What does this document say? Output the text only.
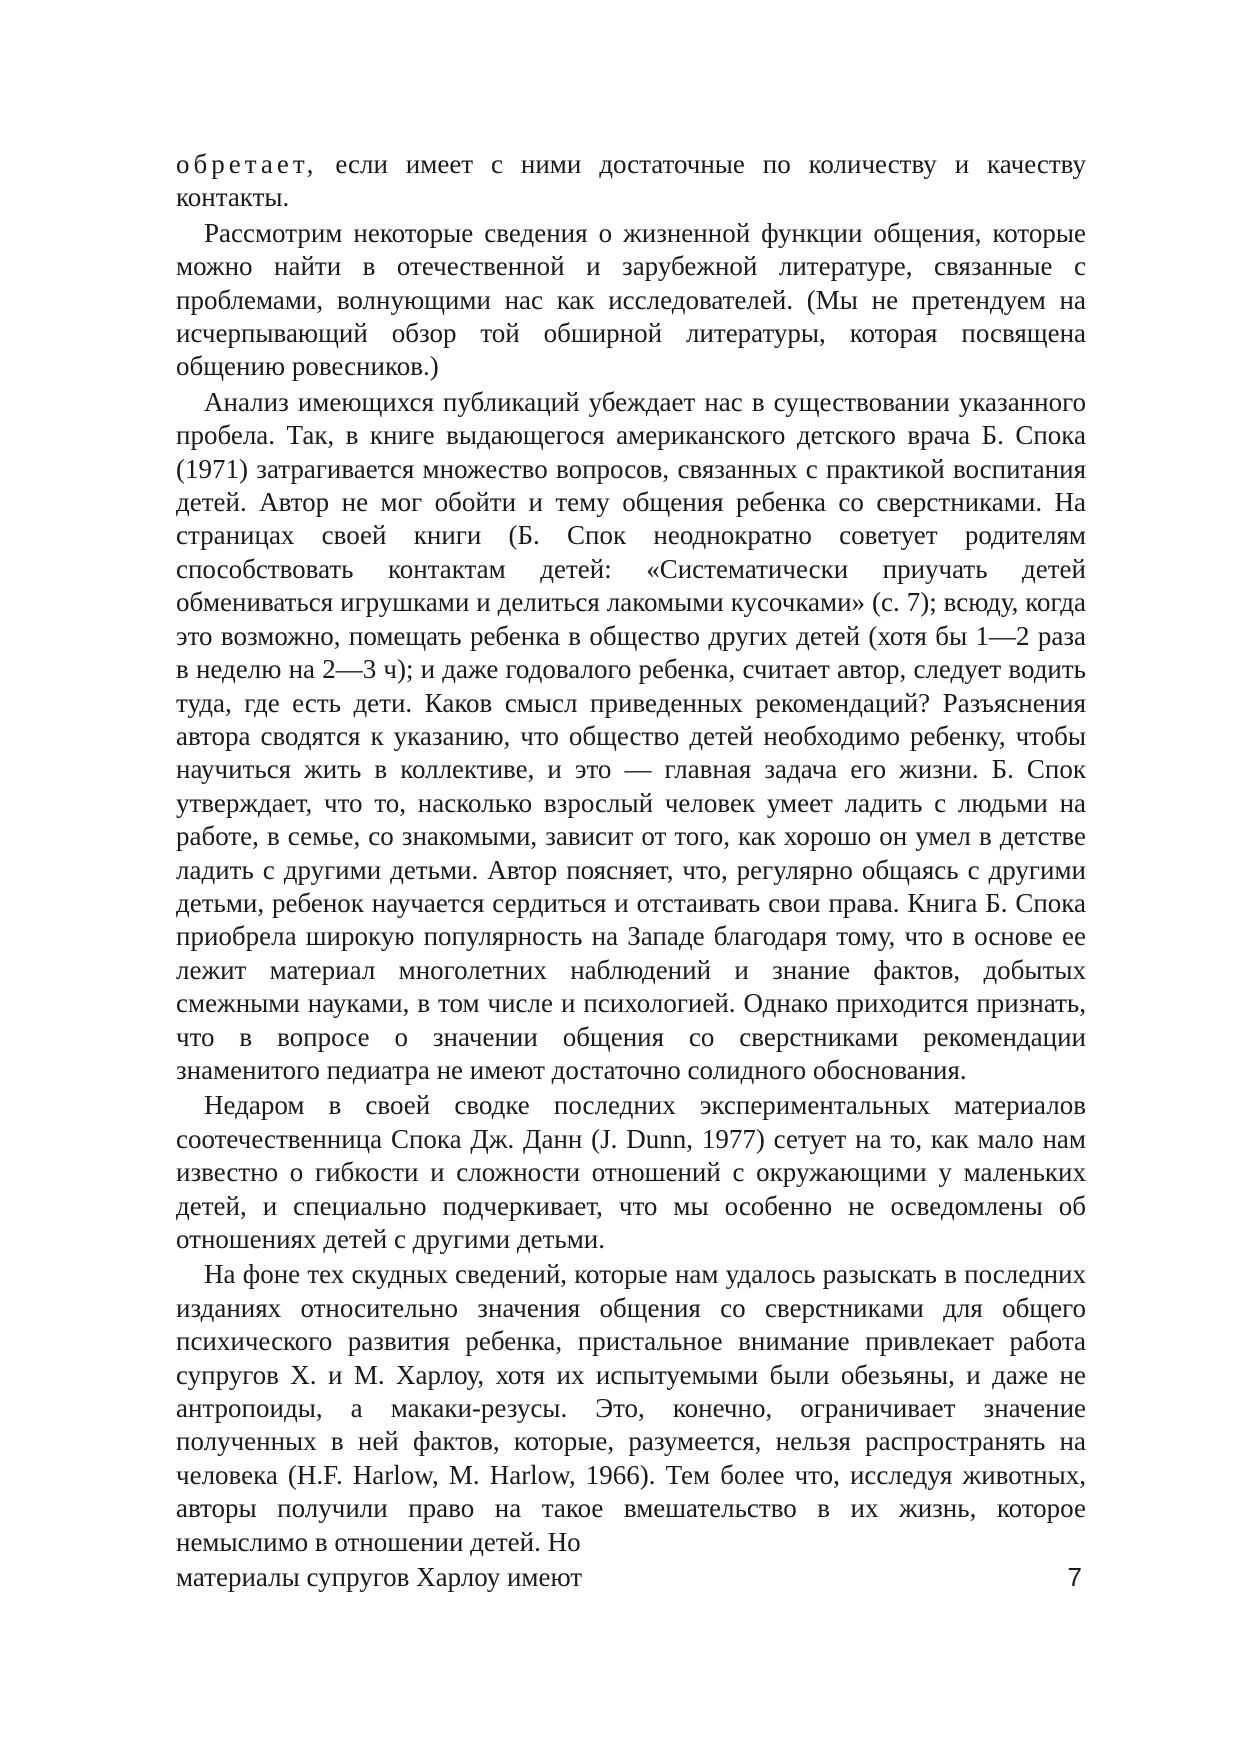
обретает, если имеет с ними достаточные по количеству и качеству контакты.

Рассмотрим некоторые сведения о жизненной функции общения, которые можно найти в отечественной и зарубежной литературе, связанные с проблемами, волнующими нас как исследователей. (Мы не претендуем на исчерпывающий обзор той обширной литературы, которая посвящена общению ровесников.)

Анализ имеющихся публикаций убеждает нас в существовании указанного пробела. Так, в книге выдающегося американского детского врача Б. Спока (1971) затрагивается множество вопросов, связанных с практикой воспитания детей. Автор не мог обойти и тему общения ребенка со сверстниками. На страницах своей книги (Б. Спок неоднократно советует родителям способствовать контактам детей: «Систематически приучать детей обмениваться игрушками и делиться лакомыми кусочками» (с. 7); всюду, когда это возможно, помещать ребенка в общество других детей (хотя бы 1—2 раза в неделю на 2—3 ч); и даже годовалого ребенка, считает автор, следует водить туда, где есть дети. Каков смысл приведенных рекомендаций? Разъяснения автора сводятся к указанию, что общество детей необходимо ребенку, чтобы научиться жить в коллективе, и это — главная задача его жизни. Б. Спок утверждает, что то, насколько взрослый человек умеет ладить с людьми на работе, в семье, со знакомыми, зависит от того, как хорошо он умел в детстве ладить с другими детьми. Автор поясняет, что, регулярно общаясь с другими детьми, ребенок научается сердиться и отстаивать свои права. Книга Б. Спока приобрела широкую популярность на Западе благодаря тому, что в основе ее лежит материал многолетних наблюдений и знание фактов, добытых смежными науками, в том числе и психологией. Однако приходится признать, что в вопросе о значении общения со сверстниками рекомендации знаменитого педиатра не имеют достаточно солидного обоснования.

Недаром в своей сводке последних экспериментальных материалов соотечественница Спока Дж. Данн (J. Dunn, 1977) сетует на то, как мало нам известно о гибкости и сложности отношений с окружающими у маленьких детей, и специально подчеркивает, что мы особенно не осведомлены об отношениях детей с другими детьми.

На фоне тех скудных сведений, которые нам удалось разыскать в последних изданиях относительно значения общения со сверстниками для общего психического развития ребенка, пристальное внимание привлекает работа супругов X. и М. Харлоу, хотя их испытуемыми были обезьяны, и даже не антропоиды, а макаки-резусы. Это, конечно, ограничивает значение полученных в ней фактов, которые, разумеется, нельзя распространять на человека (H.F. Harlow, M. Harlow, 1966). Тем более что, исследуя животных, авторы получили право на такое вмешательство в их жизнь, которое немыслимо в отношении детей. Но

материалы супругов Харлоу имеют	7
